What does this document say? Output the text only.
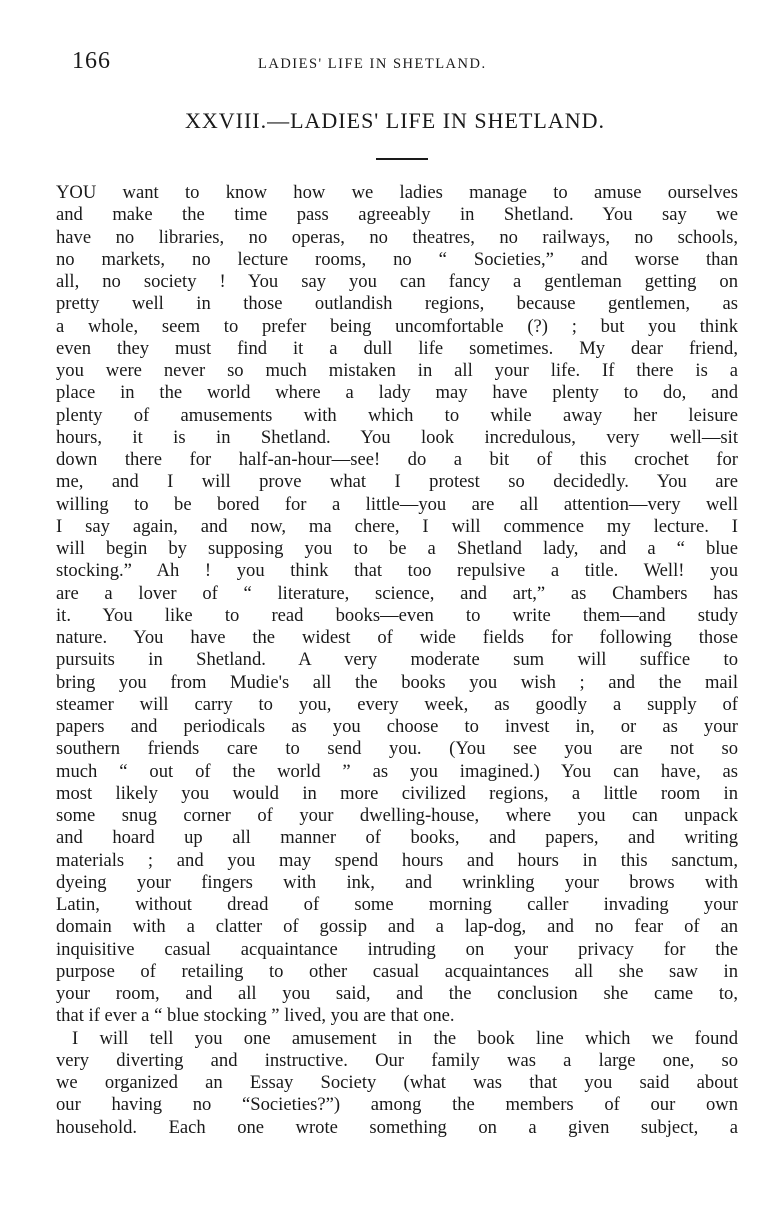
166	LADIES' LIFE IN SHETLAND.
XXVIII.—LADIES' LIFE IN SHETLAND.
YOU want to know how we ladies manage to amuse ourselves
and make the time pass agreeably in Shetland. You say we
have no libraries, no operas, no theatres, no railways, no schools,
no markets, no lecture rooms, no “ Societies,” and worse than
all, no society ! You say you can fancy a gentleman getting on
pretty well in those outlandish regions, because gentlemen, as
a whole, seem to prefer being uncomfortable (?) ; but you think
even they must find it a dull life sometimes. My dear friend,
you were never so much mistaken in all your life. If there is a
place in the world where a lady may have plenty to do, and
plenty of amusements with which to while away her leisure
hours, it is in Shetland. You look incredulous, very well—sit
down there for half-an-hour—see! do a bit of this crochet for
me, and I will prove what I protest so decidedly. You are
willing to be bored for a little—you are all attention—very well
I say again, and now, ma chere, I will commence my lecture. I
will begin by supposing you to be a Shetland lady, and a “ blue
stocking.” Ah ! you think that too repulsive a title. Well! you
are a lover of “ literature, science, and art,” as Chambers has
it. You like to read books—even to write them—and study
nature. You have the widest of wide fields for following those
pursuits in Shetland. A very moderate sum will suffice to
bring you from Mudie's all the books you wish ; and the mail
steamer will carry to you, every week, as goodly a supply of
papers and periodicals as you choose to invest in, or as your
southern friends care to send you. (You see you are not so
much “ out of the world ” as you imagined.) You can have, as
most likely you would in more civilized regions, a little room in
some snug corner of your dwelling-house, where you can unpack
and hoard up all manner of books, and papers, and writing
materials ; and you may spend hours and hours in this sanctum,
dyeing your fingers with ink, and wrinkling your brows with
Latin, without dread of some morning caller invading your
domain with a clatter of gossip and a lap-dog, and no fear of an
inquisitive casual acquaintance intruding on your privacy for the
purpose of retailing to other casual acquaintances all she saw in
your room, and all you said, and the conclusion she came to,
that if ever a “ blue stocking ” lived, you are that one.
I will tell you one amusement in the book line which we found
very diverting and instructive. Our family was a large one, so
we organized an Essay Society (what was that you said about
our having no “Societies?”) among the members of our own
household. Each one wrote something on a given subject, a
